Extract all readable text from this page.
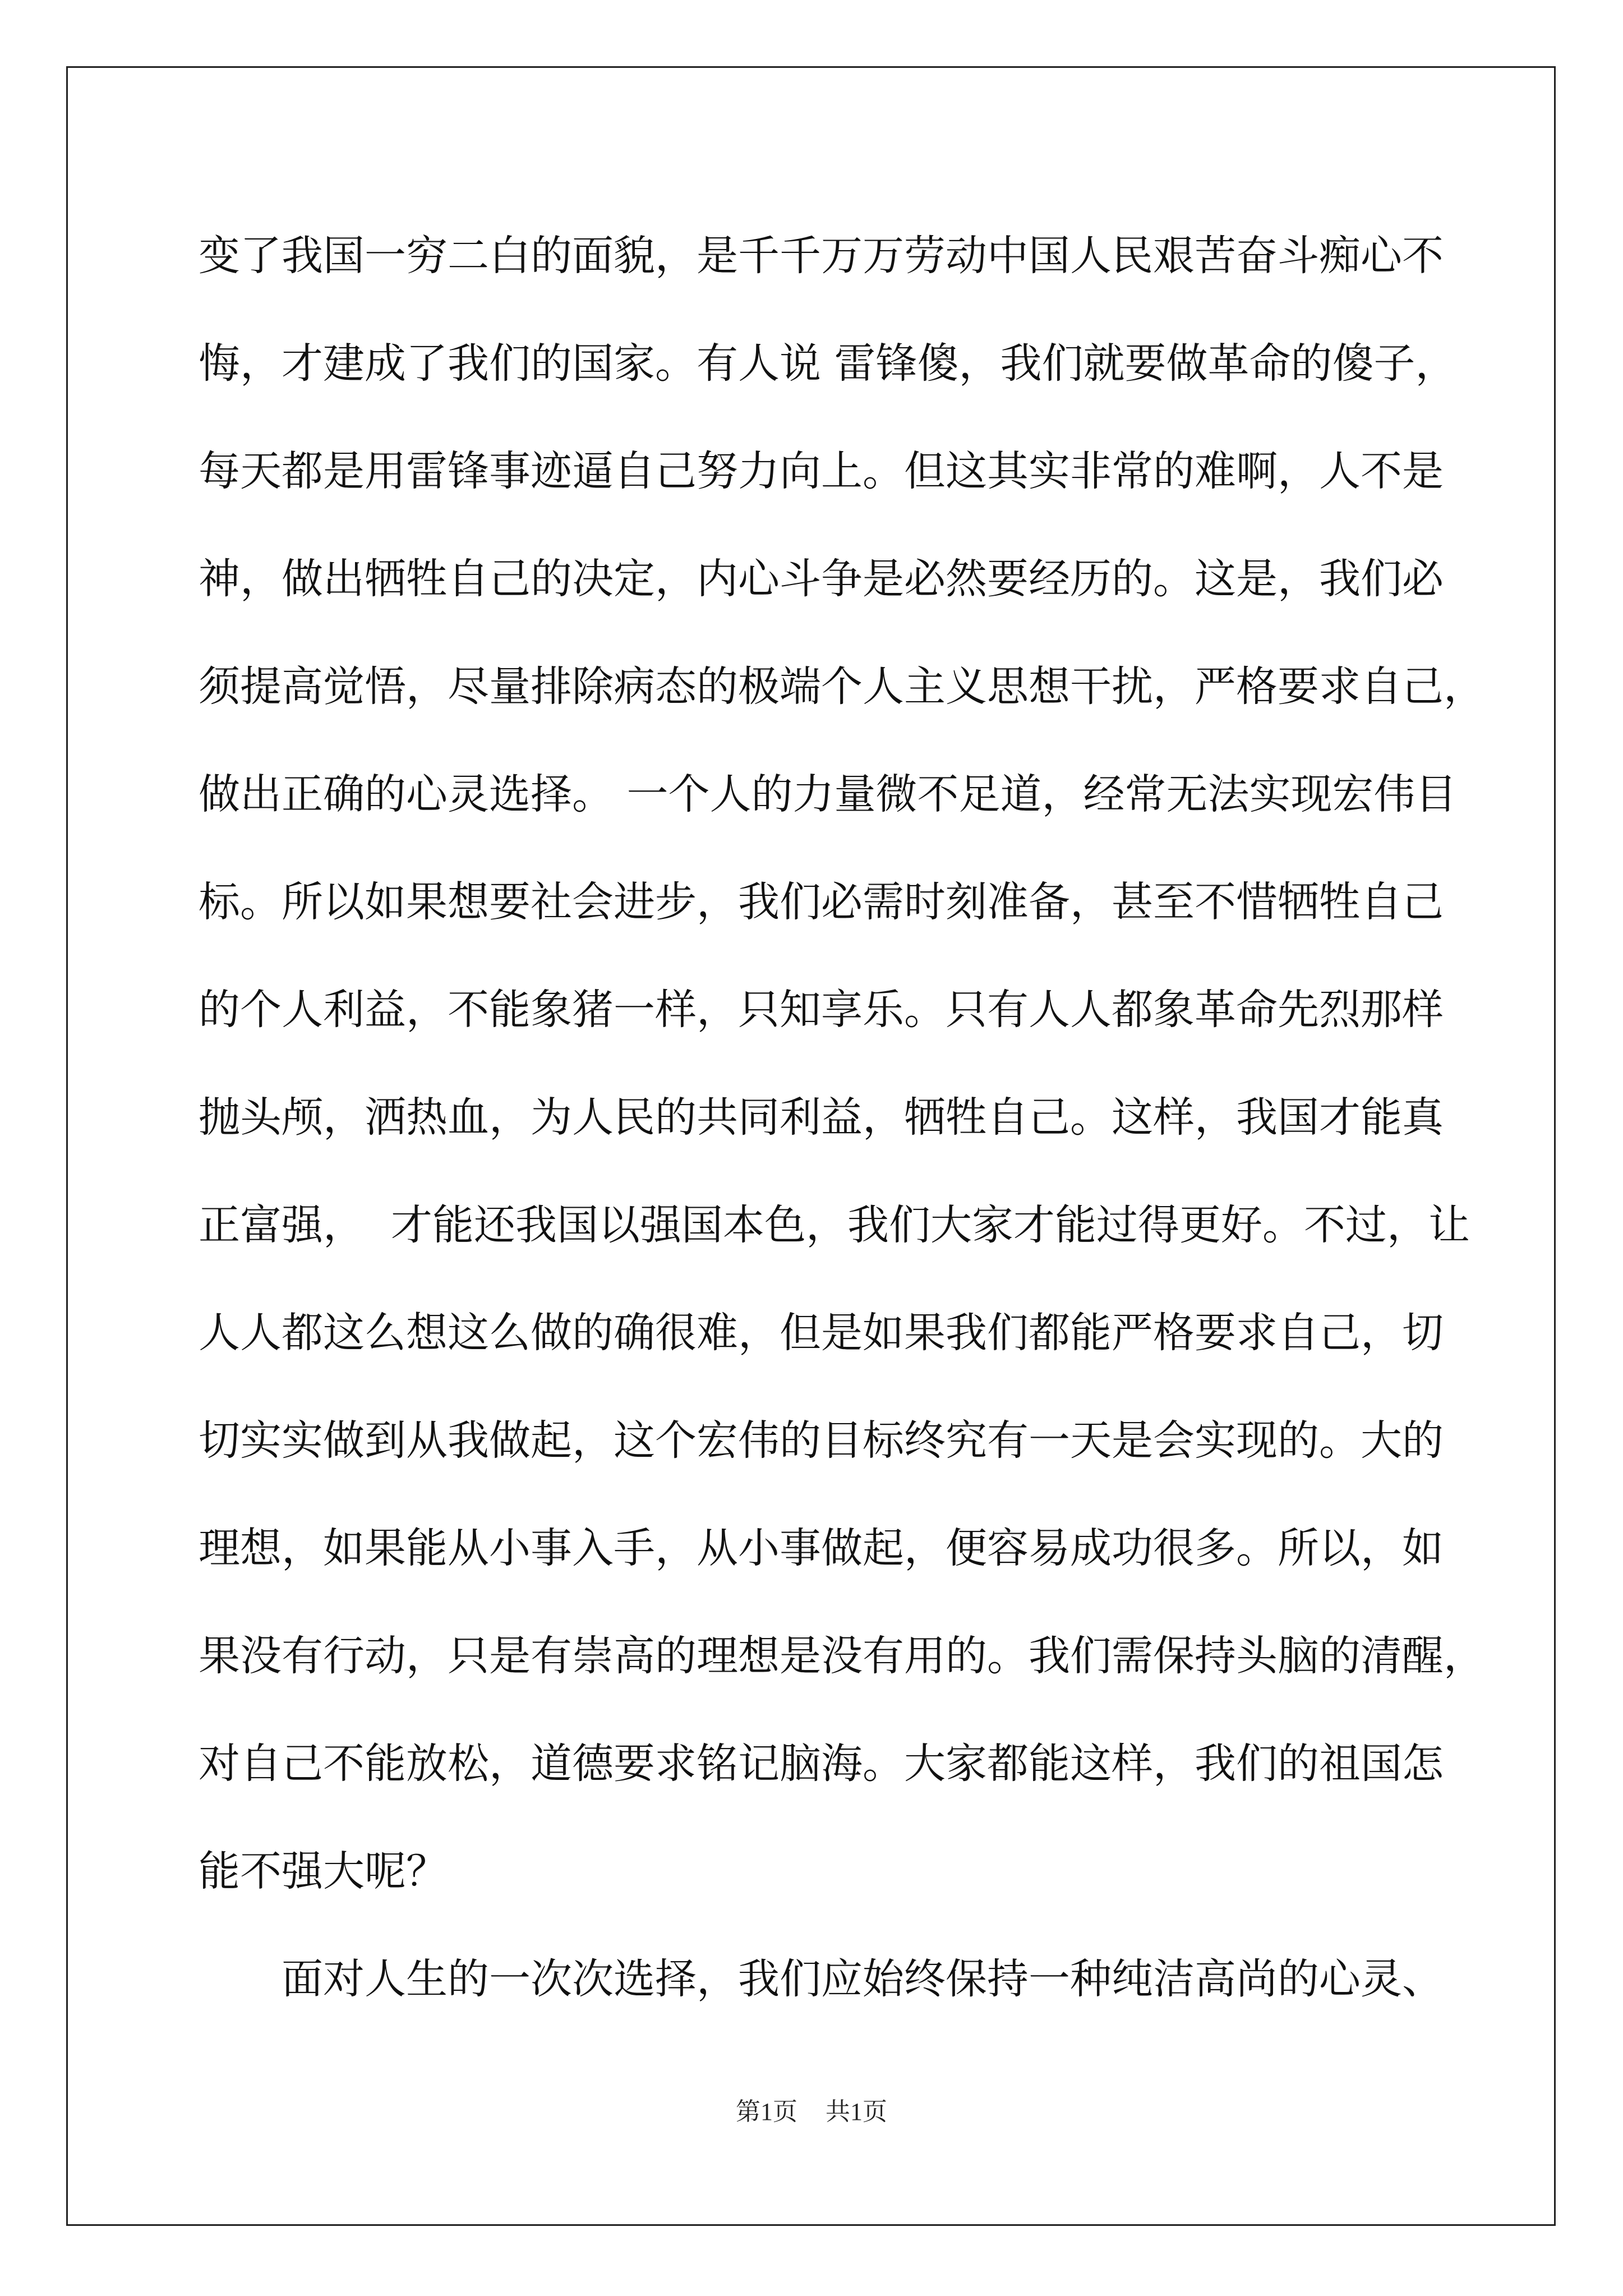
变了我国一穷二白的面貌，是千千万万劳动中国人民艰苦奋斗痴心不
悔，才建成了我们的国家。有人说 雷锋傻，我们就要做革命的傻子，
每天都是用雷锋事迹逼自己努力向上。但这其实非常的难啊，人不是
神，做出牺牲自己的决定，内心斗争是必然要经历的。这是，我们必
须提高觉悟，尽量排除病态的极端个人主义思想干扰，严格要求自己，
做出正确的心灵选择。 一个人的力量微不足道，经常无法实现宏伟目
标。所以如果想要社会进步，我们必需时刻准备，甚至不惜牺牲自己
的个人利益，不能象猪一样，只知享乐。只有人人都象革命先烈那样
抛头颅，洒热血，为人民的共同利益，牺牲自己。这样，我国才能真
正富强，  才能还我国以强国本色，我们大家才能过得更好。不过，让
人人都这么想这么做的确很难，但是如果我们都能严格要求自己，切
切实实做到从我做起，这个宏伟的目标终究有一天是会实现的。大的
理想，如果能从小事入手，从小事做起，便容易成功很多。所以，如
果没有行动，只是有崇高的理想是没有用的。我们需保持头脑的清醒，
对自己不能放松，道德要求铭记脑海。大家都能这样，我们的祖国怎
能不强大呢？
面对人生的一次次选择，我们应始终保持一种纯洁高尚的心灵、
第1页 共1页
